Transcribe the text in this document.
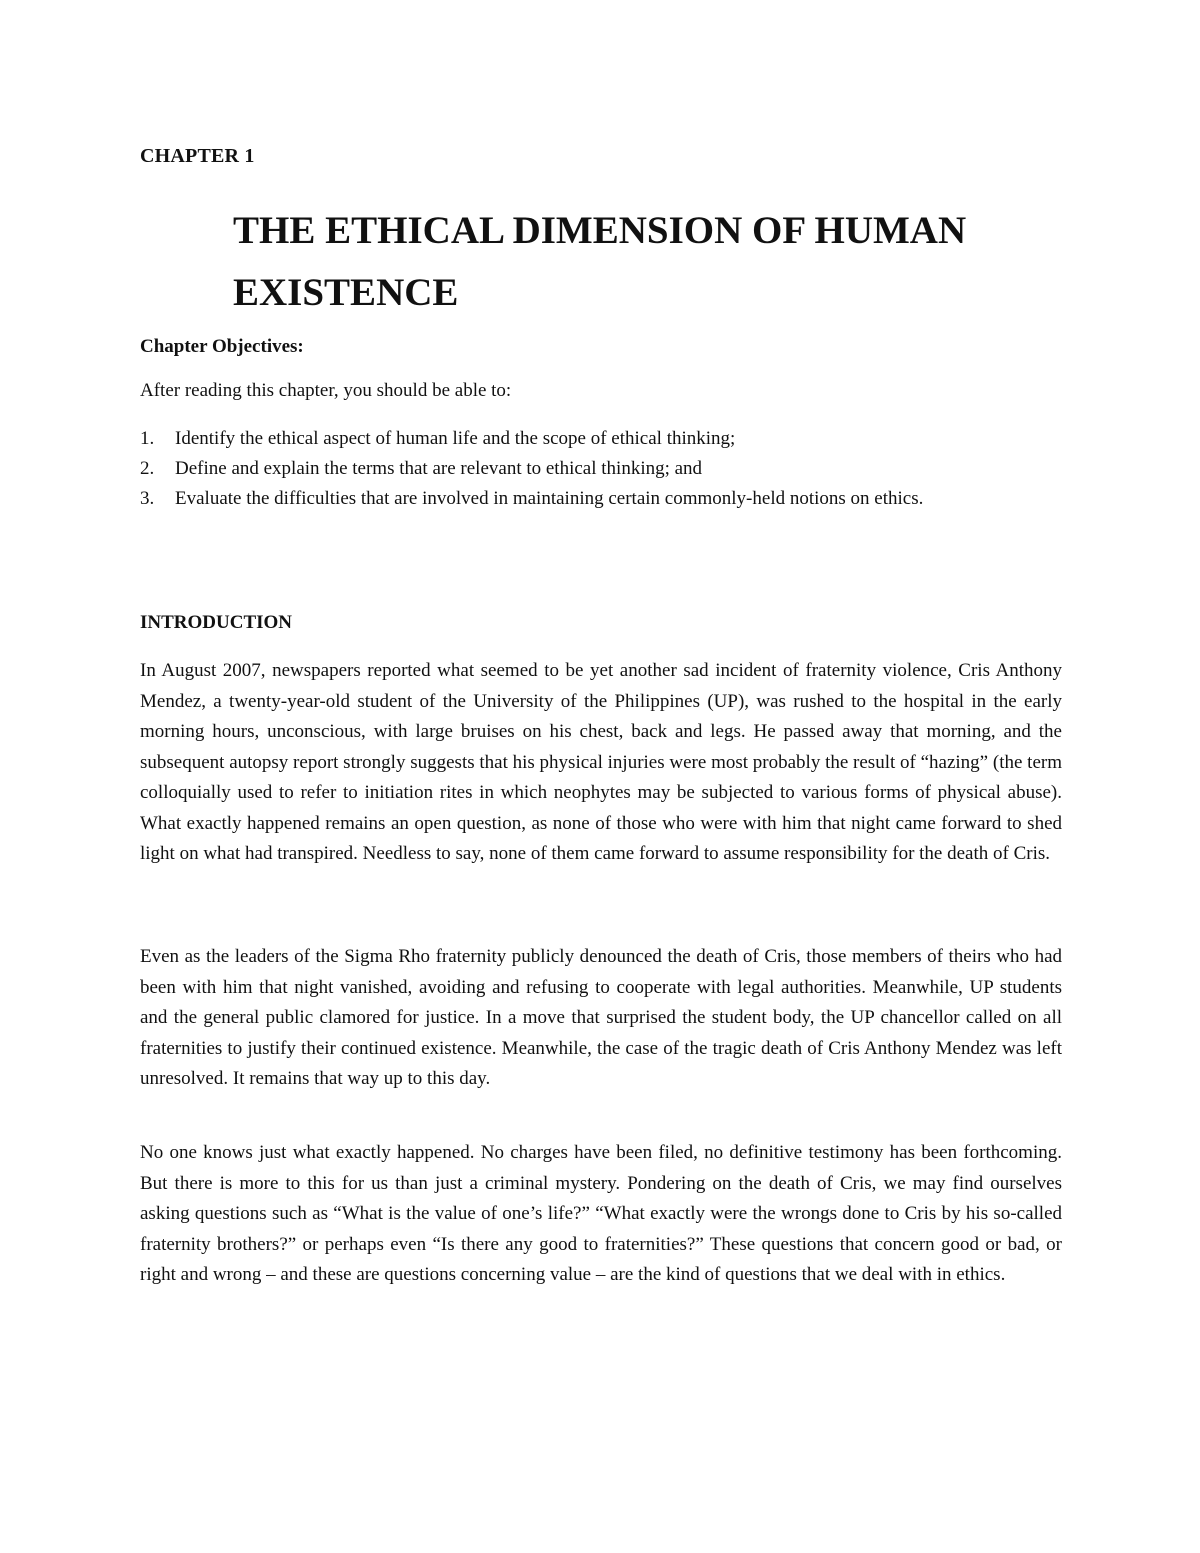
CHAPTER 1
THE ETHICAL DIMENSION OF HUMAN EXISTENCE
Chapter Objectives:
After reading this chapter, you should be able to:
1. Identify the ethical aspect of human life and the scope of ethical thinking;
2. Define and explain the terms that are relevant to ethical thinking; and
3. Evaluate the difficulties that are involved in maintaining certain commonly-held notions on ethics.
INTRODUCTION

In August 2007, newspapers reported what seemed to be yet another sad incident of fraternity violence, Cris Anthony Mendez, a twenty-year-old student of the University of the Philippines (UP), was rushed to the hospital in the early morning hours, unconscious, with large bruises on his chest, back and legs. He passed away that morning, and the subsequent autopsy report strongly suggests that his physical injuries were most probably the result of “hazing” (the term colloquially used to refer to initiation rites in which neophytes may be subjected to various forms of physical abuse). What exactly happened remains an open question, as none of those who were with him that night came forward to shed light on what had transpired. Needless to say, none of them came forward to assume responsibility for the death of Cris.

Even as the leaders of the Sigma Rho fraternity publicly denounced the death of Cris, those members of theirs who had been with him that night vanished, avoiding and refusing to cooperate with legal authorities. Meanwhile, UP students and the general public clamored for justice. In a move that surprised the student body, the UP chancellor called on all fraternities to justify their continued existence. Meanwhile, the case of the tragic death of Cris Anthony Mendez was left unresolved. It remains that way up to this day.

No one knows just what exactly happened. No charges have been filed, no definitive testimony has been forthcoming. But there is more to this for us than just a criminal mystery. Pondering on the death of Cris, we may find ourselves asking questions such as “What is the value of one’s life?” “What exactly were the wrongs done to Cris by his so-called fraternity brothers?” or perhaps even “Is there any good to fraternities?” These questions that concern good or bad, or right and wrong – and these are questions concerning value – are the kind of questions that we deal with in ethics.
